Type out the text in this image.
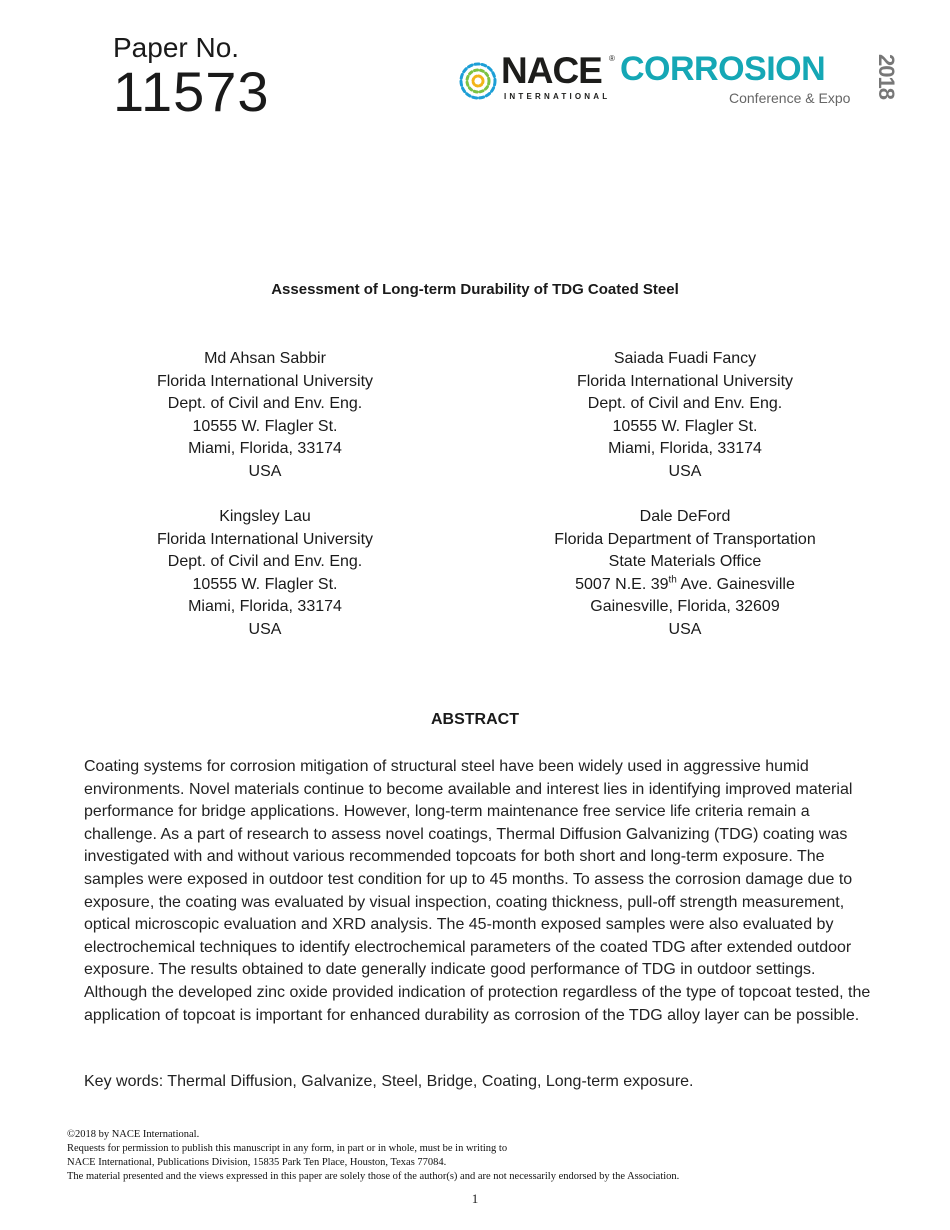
Paper No.
11573	NACE ®
INTERNATIONAL
CORROSION
Conference & Expo 2018
Assessment of Long-term Durability of TDG Coated Steel
Md Ahsan Sabbir
Florida International University
Dept. of Civil and Env. Eng.
10555 W. Flagler St.
Miami, Florida, 33174
USA
Saiada Fuadi Fancy
Florida International University
Dept. of Civil and Env. Eng.
10555 W. Flagler St.
Miami, Florida, 33174
USA
Kingsley Lau
Florida International University
Dept. of Civil and Env. Eng.
10555 W. Flagler St.
Miami, Florida, 33174
USA
Dale DeFord
Florida Department of Transportation
State Materials Office
5007 N.E. 39th Ave. Gainesville
Gainesville, Florida, 32609
USA
ABSTRACT
Coating systems for corrosion mitigation of structural steel have been widely used in aggressive humid environments. Novel materials continue to become available and interest lies in identifying improved material performance for bridge applications. However, long-term maintenance free service life criteria remain a challenge. As a part of research to assess novel coatings, Thermal Diffusion Galvanizing (TDG) coating was investigated with and without various recommended topcoats for both short and long-term exposure. The samples were exposed in outdoor test condition for up to 45 months. To assess the corrosion damage due to exposure, the coating was evaluated by visual inspection, coating thickness, pull-off strength measurement, optical microscopic evaluation and XRD analysis. The 45-month exposed samples were also evaluated by electrochemical techniques to identify electrochemical parameters of the coated TDG after extended outdoor exposure. The results obtained to date generally indicate good performance of TDG in outdoor settings. Although the developed zinc oxide provided indication of protection regardless of the type of topcoat tested, the application of topcoat is important for enhanced durability as corrosion of the TDG alloy layer can be possible.
Key words: Thermal Diffusion, Galvanize, Steel, Bridge, Coating, Long-term exposure.
©2018 by NACE International.
Requests for permission to publish this manuscript in any form, in part or in whole, must be in writing to
NACE International, Publications Division, 15835 Park Ten Place, Houston, Texas 77084.
The material presented and the views expressed in this paper are solely those of the author(s) and are not necessarily endorsed by the Association.
1
